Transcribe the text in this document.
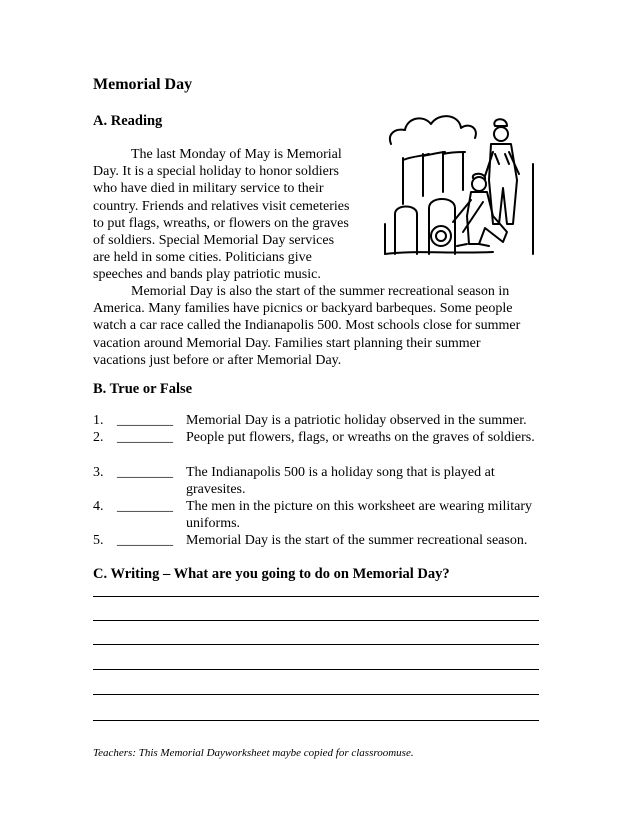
Memorial Day
A. Reading
The last Monday of May is Memorial
Day. It is a special holiday to honor soldiers
who have died in military service to their
country. Friends and relatives visit cemeteries
to put flags, wreaths, or flowers on the graves
of soldiers. Special Memorial Day services
are held in some cities. Politicians give
speeches and bands play patriotic music.
Memorial Day is also the start of the summer recreational season in
America. Many families have picnics or backyard barbeques. Some people
watch a car race called the Indianapolis 500. Most schools close for summer
vacation around Memorial Day. Families start planning their summer
vacations just before or after Memorial Day.
B. True or False
1. ________ Memorial Day is a patriotic holiday observed in the summer.
2. ________ People put flowers, flags, or wreaths on the graves of soldiers.
3. ________ The Indianapolis 500 is a holiday song that is played at gravesites.
4. ________ The men in the picture on this worksheet are wearing military uniforms.
5. ________ Memorial Day is the start of the summer recreational season.
C. Writing – What are you going to do on Memorial Day?
Teachers: This Memorial Dayworksheet maybe copied for classroomuse.
